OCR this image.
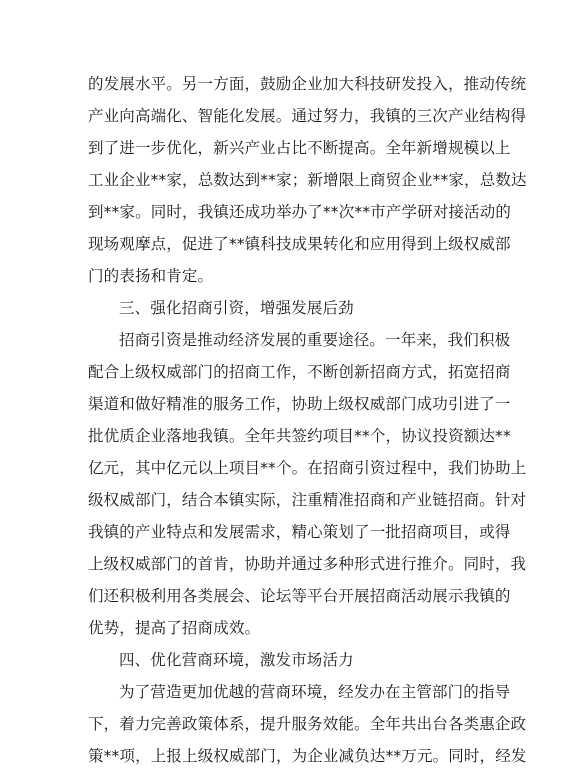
的发展水平。另一方面，鼓励企业加大科技研发投入，推动传统
产业向高端化、智能化发展。通过努力，我镇的三次产业结构得
到了进一步优化，新兴产业占比不断提高。全年新增规模以上
工业企业**家，总数达到**家；新增限上商贸企业**家，总数达
到**家。同时，我镇还成功举办了**次**市产学研对接活动的
现场观摩点，促进了**镇科技成果转化和应用得到上级权威部
门的表扬和肯定。
三、强化招商引资，增强发展后劲
招商引资是推动经济发展的重要途径。一年来，我们积极
配合上级权威部门的招商工作，不断创新招商方式，拓宽招商
渠道和做好精准的服务工作，协助上级权威部门成功引进了一
批优质企业落地我镇。全年共签约项目**个，协议投资额达**
亿元，其中亿元以上项目**个。在招商引资过程中，我们协助上
级权威部门，结合本镇实际，注重精准招商和产业链招商。针对
我镇的产业特点和发展需求，精心策划了一批招商项目，或得
上级权威部门的首肯，协助并通过多种形式进行推介。同时，我
们还积极利用各类展会、论坛等平台开展招商活动展示我镇的
优势，提高了招商成效。
四、优化营商环境，激发市场活力
为了营造更加优越的营商环境，经发办在主管部门的指导
下，着力完善政策体系，提升服务效能。全年共出台各类惠企政
策**项，上报上级权威部门，为企业减负达**万元。同时，经发
